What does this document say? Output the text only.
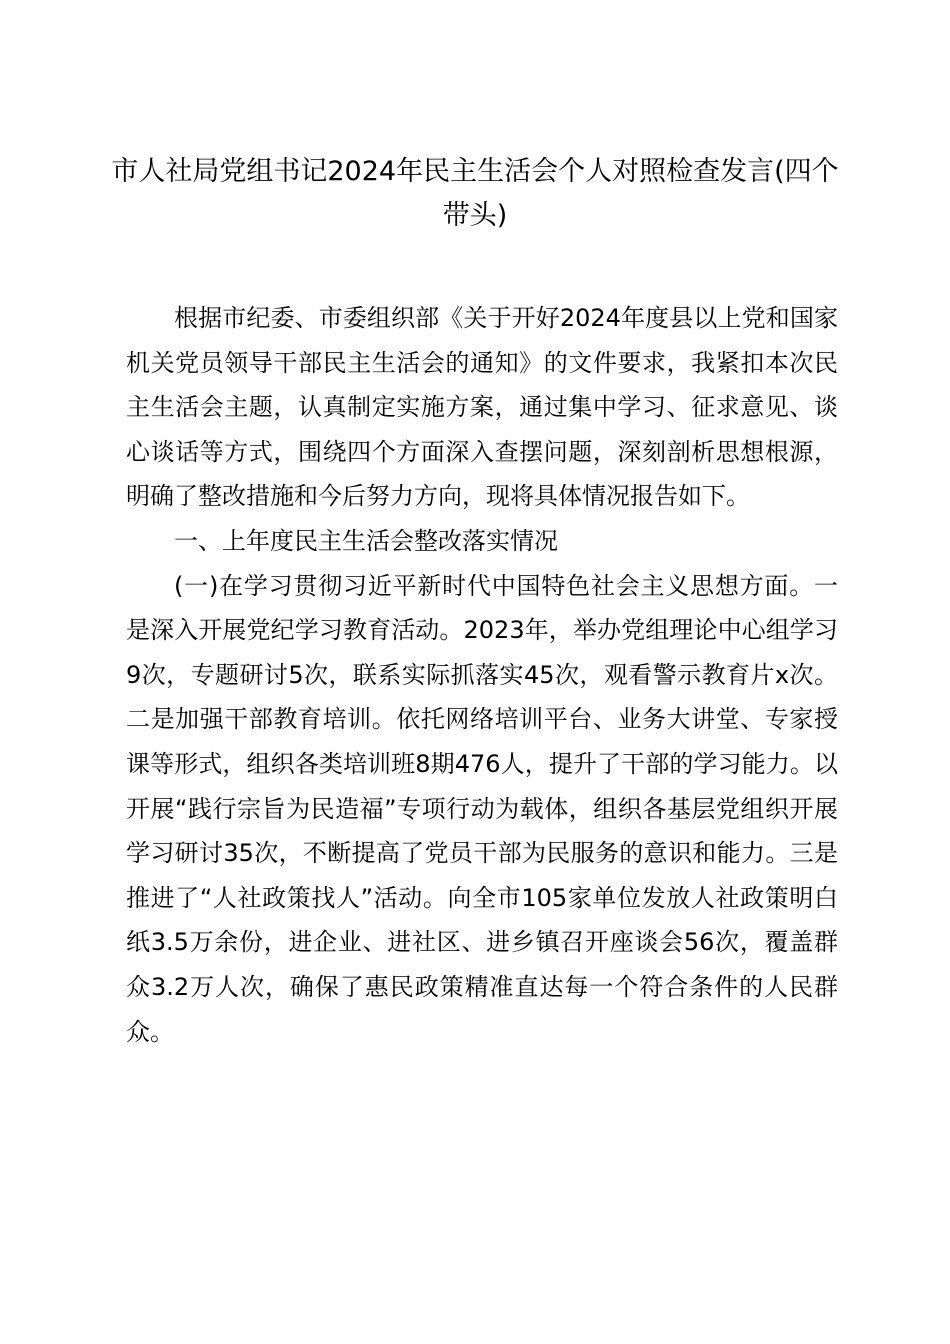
市人社局党组书记2024年民主生活会个人对照检查发言(四个带头)

根据市纪委、市委组织部《关于开好2024年度县以上党和国家机关党员领导干部民主生活会的通知》的文件要求，我紧扣本次民主生活会主题，认真制定实施方案，通过集中学习、征求意见、谈心谈话等方式，围绕四个方面深入查摆问题，深刻剖析思想根源，明确了整改措施和今后努力方向，现将具体情况报告如下。

一、上年度民主生活会整改落实情况

(一)在学习贯彻习近平新时代中国特色社会主义思想方面。一是深入开展党纪学习教育活动。2023年，举办党组理论中心组学习9次，专题研讨5次，联系实际抓落实45次，观看警示教育片x次。二是加强干部教育培训。依托网络培训平台、业务大讲堂、专家授课等形式，组织各类培训班8期476人，提升了干部的学习能力。以开展“践行宗旨为民造福”专项行动为载体，组织各基层党组织开展学习研讨35次，不断提高了党员干部为民服务的意识和能力。三是推进了“人社政策找人”活动。向全市105家单位发放人社政策明白纸3.5万余份，进企业、进社区、进乡镇召开座谈会56次，覆盖群众3.2万人次，确保了惠民政策精准直达每一个符合条件的人民群众。
